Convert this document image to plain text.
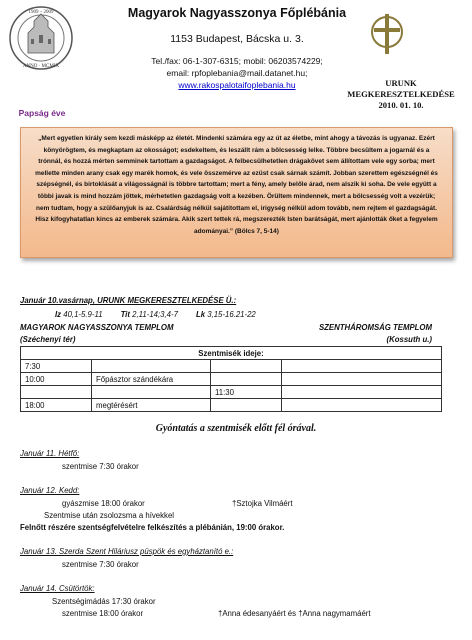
1909 – 2009
ANNO · MCMIX
Papság éve
Magyarok Nagyasszonya Főplébánia
1153 Budapest, Bácska u. 3.
Tel./fax: 06-1-307-6315; mobil: 06203574229;
email: rpfoplebania@mail.datanet.hu;
www.rakospalotaifoplebania.hu	URUNK
MEGKERESZTELKEDÉSE
2010. 01. 10.
„Mert egyetlen király sem kezdi másképp az életét. Mindenki számára egy az út az életbe, mint ahogy a távozás is ugyanaz. Ezért könyörögtem, és megkaptam az okosságot; esdekeltem, és leszállt rám a bölcsesség lelke. Többre becsültem a jogarnál és a trónnál, és hozzá mérten semminek tartottam a gazdagságot. A felbecsülhetetlen drágakövet sem állítottam vele egy sorba; mert mellette minden arany csak egy marék homok, és vele összemérve az ezüst csak sárnak számít. Jobban szerettem egészségnél és szépségnél, és birtoklását a világosságnál is többre tartottam; mert a fény, amely belőle árad, nem alszik ki soha. De vele együtt a többi javak is mind hozzám jöttek, mérhetetlen gazdagság volt a kezében. Örültem mindennek, mert a bölcsesség volt a vezérük; nem tudtam, hogy a szülőanyjuk is az. Csalárdság nélkül sajátítottam el, irigység nélkül adom tovább, nem rejtem el gazdagságát. Hisz kifogyhatatlan kincs az emberek számára. Akik szert tettek rá, megszerezték Isten barátságát, mert ajánlották őket a fegyelem adományai.” (Bölcs 7, 5-14)
Január 10.vasárnap, URUNK MEGKERESZTELKEDÉSE Ü.:
Iz 40,1-5.9-11 Tit 2,11-14;3,4-7 Lk 3,15-16.21-22
MAGYAROK NAGYASSZONYA TEMPLOM
(Széchenyi tér)
SZENTHÁROMSÁG TEMPLOM
(Kossuth u.)
Szentmisék ideje:			
7:30			
10:00	Főpásztor szándékára		
		11:30	
18:00	megtérésért		
Gyóntatás a szentmisék előtt fél órával.
Január 11. Hétfő:
szentmise 7:30 órakor
Január 12. Kedd:
gyászmise 18:00 órakor	†Sztojka Vilmáért
Szentmise után zsolozsma a hívekkel
Felnőtt részére szentségfelvételre felkészítés a plébánián, 19:00 órakor.
Január 13. Szerda Szent Hiláriusz püspök és egyháztanító e.:
szentmise 7:30 órakor
Január 14. Csütörtök:
Szentségimádás 17:30 órakor
szentmise 18:00 órakor	†Anna édesanyáért és †Anna nagymamáért
